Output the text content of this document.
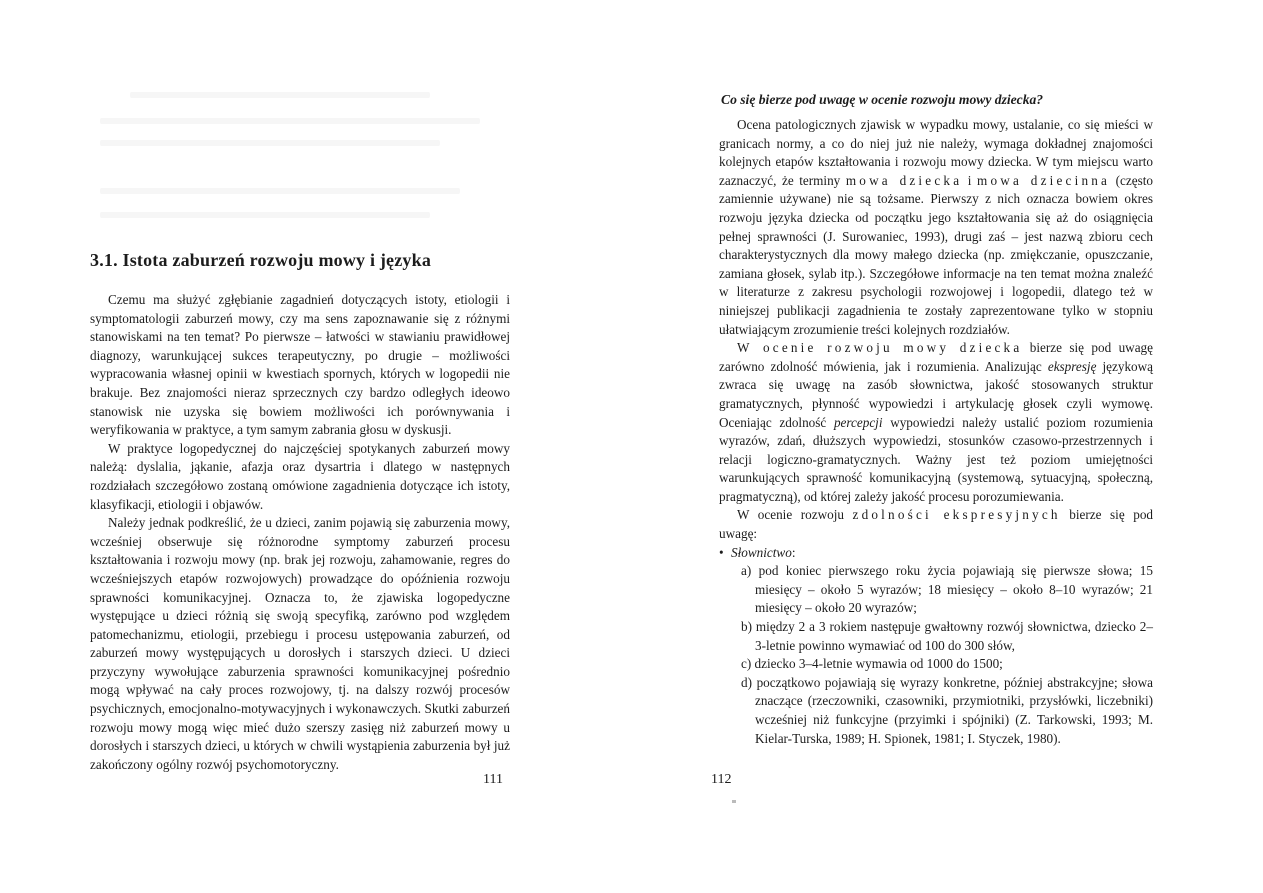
3.1. Istota zaburzeń rozwoju mowy i języka

Czemu ma służyć zgłębianie zagadnień dotyczących istoty, etiologii i symptomatologii zaburzeń mowy, czy ma sens zapoznawanie się z różnymi stanowiskami na ten temat? Po pierwsze – łatwości w stawianiu prawidłowej diagnozy, warunkującej sukces terapeutyczny, po drugie – możliwości wypracowania własnej opinii w kwestiach spornych, których w logopedii nie brakuje. Bez znajomości nieraz sprzecznych czy bardzo odległych ideowo stanowisk nie uzyska się bowiem możliwości ich porównywania i weryfikowania w praktyce, a tym samym zabrania głosu w dyskusji.

W praktyce logopedycznej do najczęściej spotykanych zaburzeń mowy należą: dyslalia, jąkanie, afazja oraz dysartria i dlatego w następnych rozdziałach szczegółowo zostaną omówione zagadnienia dotyczące ich istoty, klasyfikacji, etiologii i objawów.

Należy jednak podkreślić, że u dzieci, zanim pojawią się zaburzenia mowy, wcześniej obserwuje się różnorodne symptomy zaburzeń procesu kształtowania i rozwoju mowy (np. brak jej rozwoju, zahamowanie, regres do wcześniejszych etapów rozwojowych) prowadzące do opóźnienia rozwoju sprawności komunikacyjnej. Oznacza to, że zjawiska logopedyczne występujące u dzieci różnią się swoją specyfiką, zarówno pod względem patomechanizmu, etiologii, przebiegu i procesu ustępowania zaburzeń, od zaburzeń mowy występujących u dorosłych i starszych dzieci. U dzieci przyczyny wywołujące zaburzenia sprawności komunikacyjnej pośrednio mogą wpływać na cały proces rozwojowy, tj. na dalszy rozwój procesów psychicznych, emocjonalno-motywacyjnych i wykonawczych. Skutki zaburzeń rozwoju mowy mogą więc mieć dużo szerszy zasięg niż zaburzeń mowy u dorosłych i starszych dzieci, u których w chwili wystąpienia zaburzenia był już zakończony ogólny rozwój psychomotoryczny.

111
Co się bierze pod uwagę w ocenie rozwoju mowy dziecka?

Ocena patologicznych zjawisk w wypadku mowy, ustalanie, co się mieści w granicach normy, a co do niej już nie należy, wymaga dokładnej znajomości kolejnych etapów kształtowania i rozwoju mowy dziecka. W tym miejscu warto zaznaczyć, że terminy mowa dziecka i mowa dziecinna (często zamiennie używane) nie są tożsame. Pierwszy z nich oznacza bowiem okres rozwoju języka dziecka od początku jego kształtowania się aż do osiągnięcia pełnej sprawności (J. Surowaniec, 1993), drugi zaś – jest nazwą zbioru cech charakterystycznych dla mowy małego dziecka (np. zmiękczanie, opuszczanie, zamiana głosek, sylab itp.). Szczegółowe informacje na ten temat można znaleźć w literaturze z zakresu psychologii rozwojowej i logopedii, dlatego też w niniejszej publikacji zagadnienia te zostały zaprezentowane tylko w stopniu ułatwiającym zrozumienie treści kolejnych rozdziałów.

W ocenie rozwoju mowy dziecka bierze się pod uwagę zarówno zdolność mówienia, jak i rozumienia. Analizując ekspresję językową zwraca się uwagę na zasób słownictwa, jakość stosowanych struktur gramatycznych, płynność wypowiedzi i artykulację głosek czyli wymowę. Oceniając zdolność percepcji wypowiedzi należy ustalić poziom rozumienia wyrazów, zdań, dłuższych wypowiedzi, stosunków czasowo-przestrzennych i relacji logiczno-gramatycznych. Ważny jest też poziom umiejętności warunkujących sprawność komunikacyjną (systemową, sytuacyjną, społeczną, pragmatyczną), od której zależy jakość procesu porozumiewania.

W ocenie rozwoju zdolności ekspresyjnych bierze się pod uwagę:

• Słownictwo:
a) pod koniec pierwszego roku życia pojawiają się pierwsze słowa; 15 miesięcy – około 5 wyrazów; 18 miesięcy – około 8–10 wyrazów; 21 miesięcy – około 20 wyrazów;
b) między 2 a 3 rokiem następuje gwałtowny rozwój słownictwa, dziecko 2–3-letnie powinno wymawiać od 100 do 300 słów,
c) dziecko 3–4-letnie wymawia od 1000 do 1500;
d) początkowo pojawiają się wyrazy konkretne, później abstrakcyjne; słowa znaczące (rzeczowniki, czasowniki, przymiotniki, przysłówki, liczebniki) wcześniej niż funkcyjne (przyimki i spójniki) (Z. Tarkowski, 1993; M. Kielar-Turska, 1989; H. Spionek, 1981; I. Styczek, 1980).
112
